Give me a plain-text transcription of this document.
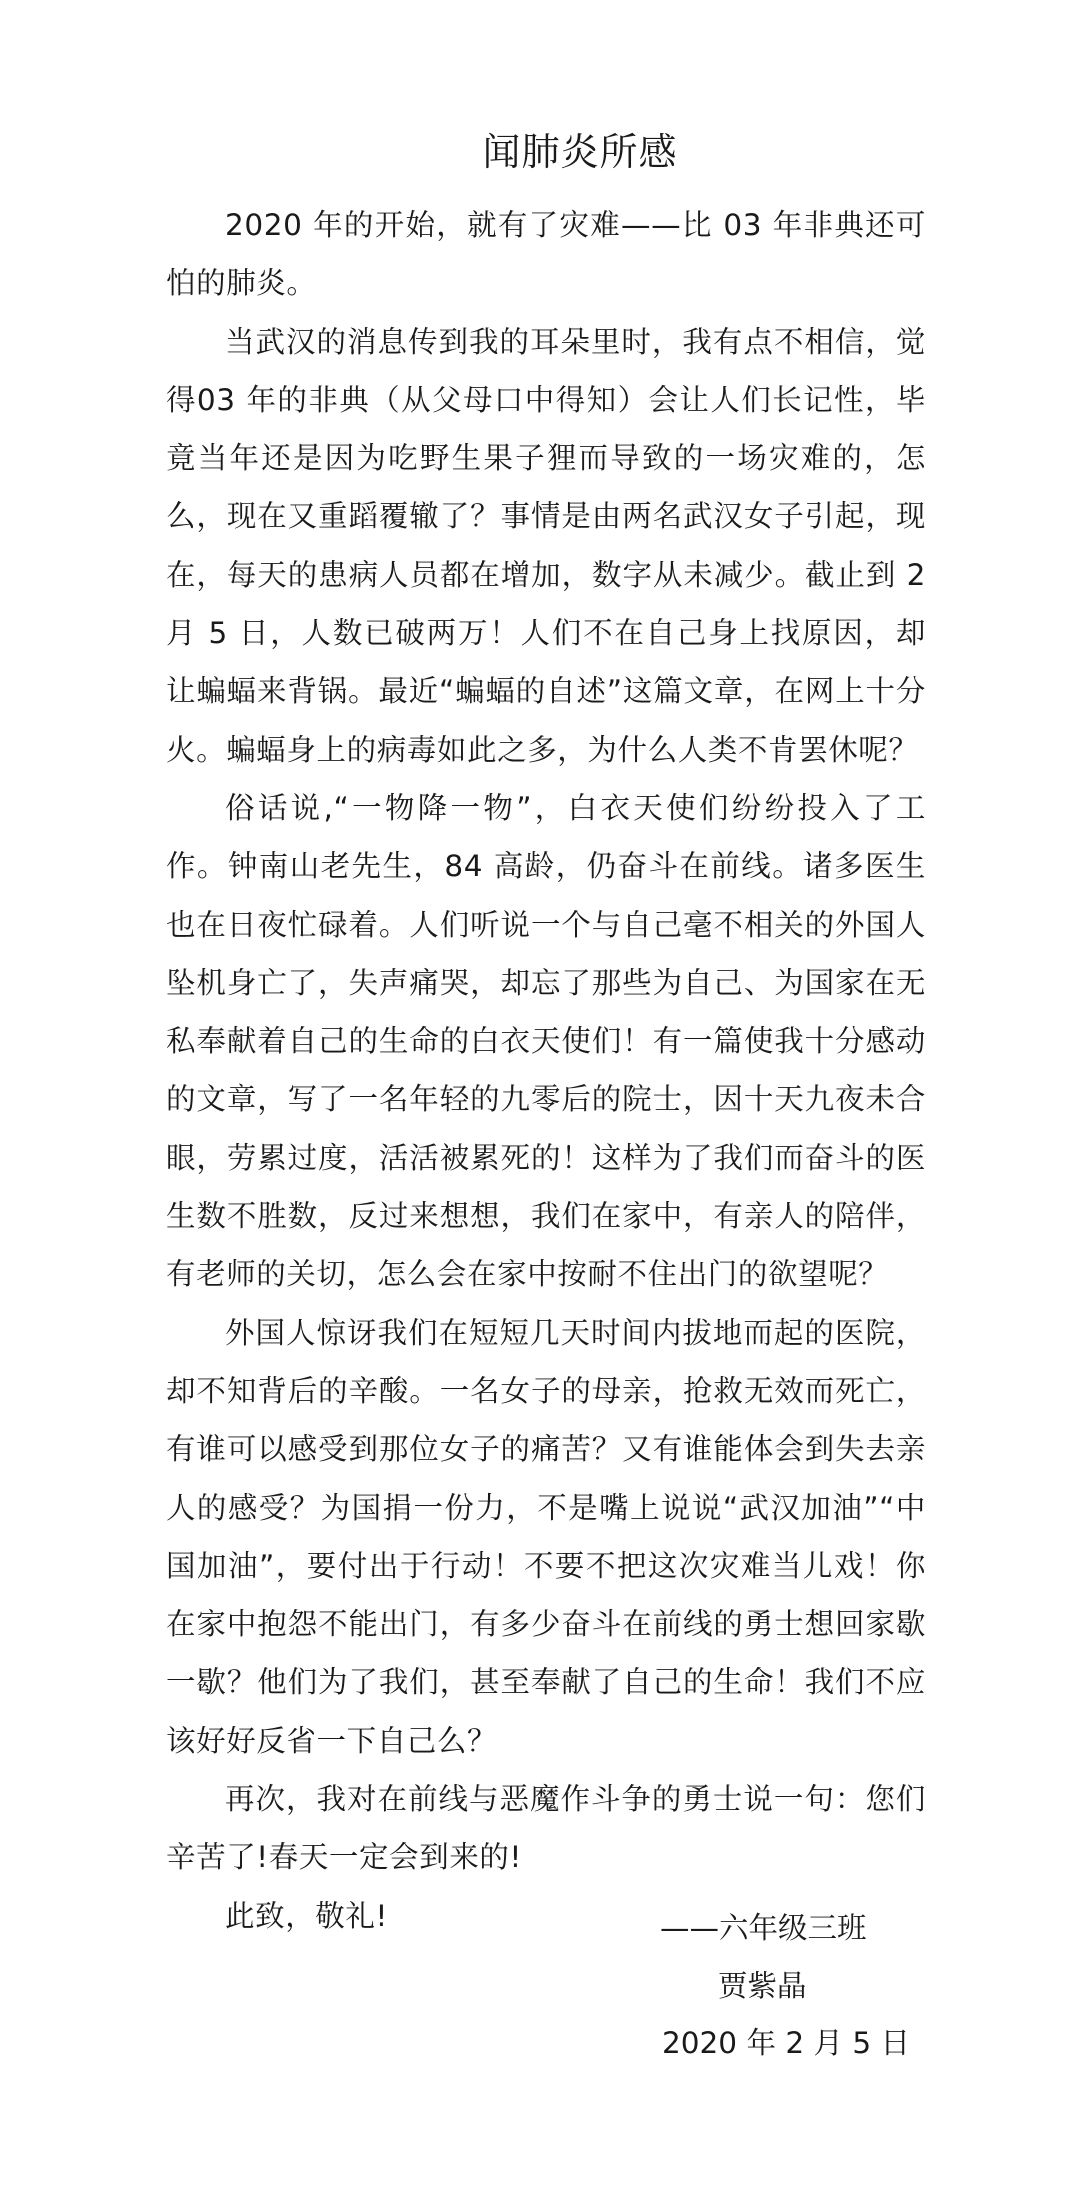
闻肺炎所感

2020 年的开始，就有了灾难——比 03 年非典还可怕的肺炎。

当武汉的消息传到我的耳朵里时，我有点不相信，觉得03 年的非典（从父母口中得知）会让人们长记性，毕竟当年还是因为吃野生果子狸而导致的一场灾难的，怎么，现在又重蹈覆辙了？事情是由两名武汉女子引起，现在，每天的患病人员都在增加，数字从未减少。截止到 2 月 5 日，人数已破两万！人们不在自己身上找原因，却让蝙蝠来背锅。最近“蝙蝠的自述”这篇文章，在网上十分火。蝙蝠身上的病毒如此之多，为什么人类不肯罢休呢？

俗话说,“一物降一物”，白衣天使们纷纷投入了工作。钟南山老先生，84 高龄，仍奋斗在前线。诸多医生也在日夜忙碌着。人们听说一个与自己毫不相关的外国人坠机身亡了，失声痛哭，却忘了那些为自己、为国家在无私奉献着自己的生命的白衣天使们！有一篇使我十分感动的文章，写了一名年轻的九零后的院士，因十天九夜未合眼，劳累过度，活活被累死的！这样为了我们而奋斗的医生数不胜数，反过来想想，我们在家中，有亲人的陪伴，有老师的关切，怎么会在家中按耐不住出门的欲望呢？

外国人惊讶我们在短短几天时间内拔地而起的医院，却不知背后的辛酸。一名女子的母亲，抢救无效而死亡，有谁可以感受到那位女子的痛苦？又有谁能体会到失去亲人的感受？为国捐一份力，不是嘴上说说“武汉加油”“中国加油”，要付出于行动！不要不把这次灾难当儿戏！你在家中抱怨不能出门，有多少奋斗在前线的勇士想回家歇一歇？他们为了我们，甚至奉献了自己的生命！我们不应该好好反省一下自己么？

再次，我对在前线与恶魔作斗争的勇士说一句：您们辛苦了!春天一定会到来的!

此致，敬礼!	——六年级三班
贾紫晶
2020 年 2 月 5 日
